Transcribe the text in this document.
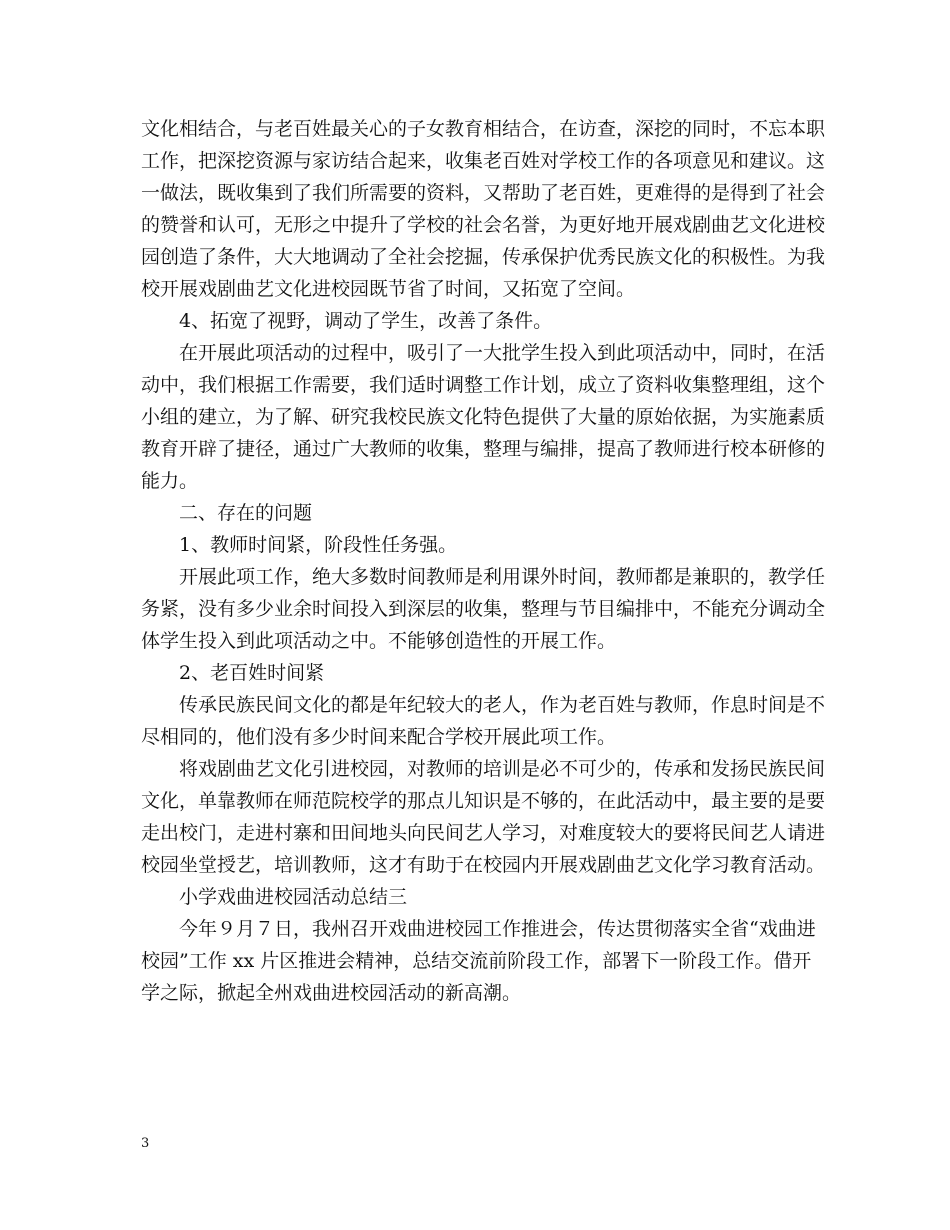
文化相结合，与老百姓最关心的子女教育相结合，在访查，深挖的同时，不忘本职
工作，把深挖资源与家访结合起来，收集老百姓对学校工作的各项意见和建议。这
一做法，既收集到了我们所需要的资料，又帮助了老百姓，更难得的是得到了社会
的赞誉和认可，无形之中提升了学校的社会名誉，为更好地开展戏剧曲艺文化进校
园创造了条件，大大地调动了全社会挖掘，传承保护优秀民族文化的积极性。为我
校开展戏剧曲艺文化进校园既节省了时间，又拓宽了空间。
4、拓宽了视野，调动了学生，改善了条件。
在开展此项活动的过程中，吸引了一大批学生投入到此项活动中，同时，在活
动中，我们根据工作需要，我们适时调整工作计划，成立了资料收集整理组，这个
小组的建立，为了解、研究我校民族文化特色提供了大量的原始依据，为实施素质
教育开辟了捷径，通过广大教师的收集，整理与编排，提高了教师进行校本研修的
能力。
二、存在的问题
1、教师时间紧，阶段性任务强。
开展此项工作，绝大多数时间教师是利用课外时间，教师都是兼职的，教学任
务紧，没有多少业余时间投入到深层的收集，整理与节目编排中，不能充分调动全
体学生投入到此项活动之中。不能够创造性的开展工作。
2、老百姓时间紧
传承民族民间文化的都是年纪较大的老人，作为老百姓与教师，作息时间是不
尽相同的，他们没有多少时间来配合学校开展此项工作。
将戏剧曲艺文化引进校园，对教师的培训是必不可少的，传承和发扬民族民间
文化，单靠教师在师范院校学的那点儿知识是不够的，在此活动中，最主要的是要
走出校门，走进村寨和田间地头向民间艺人学习，对难度较大的要将民间艺人请进
校园坐堂授艺，培训教师，这才有助于在校园内开展戏剧曲艺文化学习教育活动。
小学戏曲进校园活动总结三
今年９月７日，我州召开戏曲进校园工作推进会，传达贯彻落实全省“戏曲进
校园”工作 xx 片区推进会精神，总结交流前阶段工作，部署下一阶段工作。借开
学之际，掀起全州戏曲进校园活动的新高潮。
3
